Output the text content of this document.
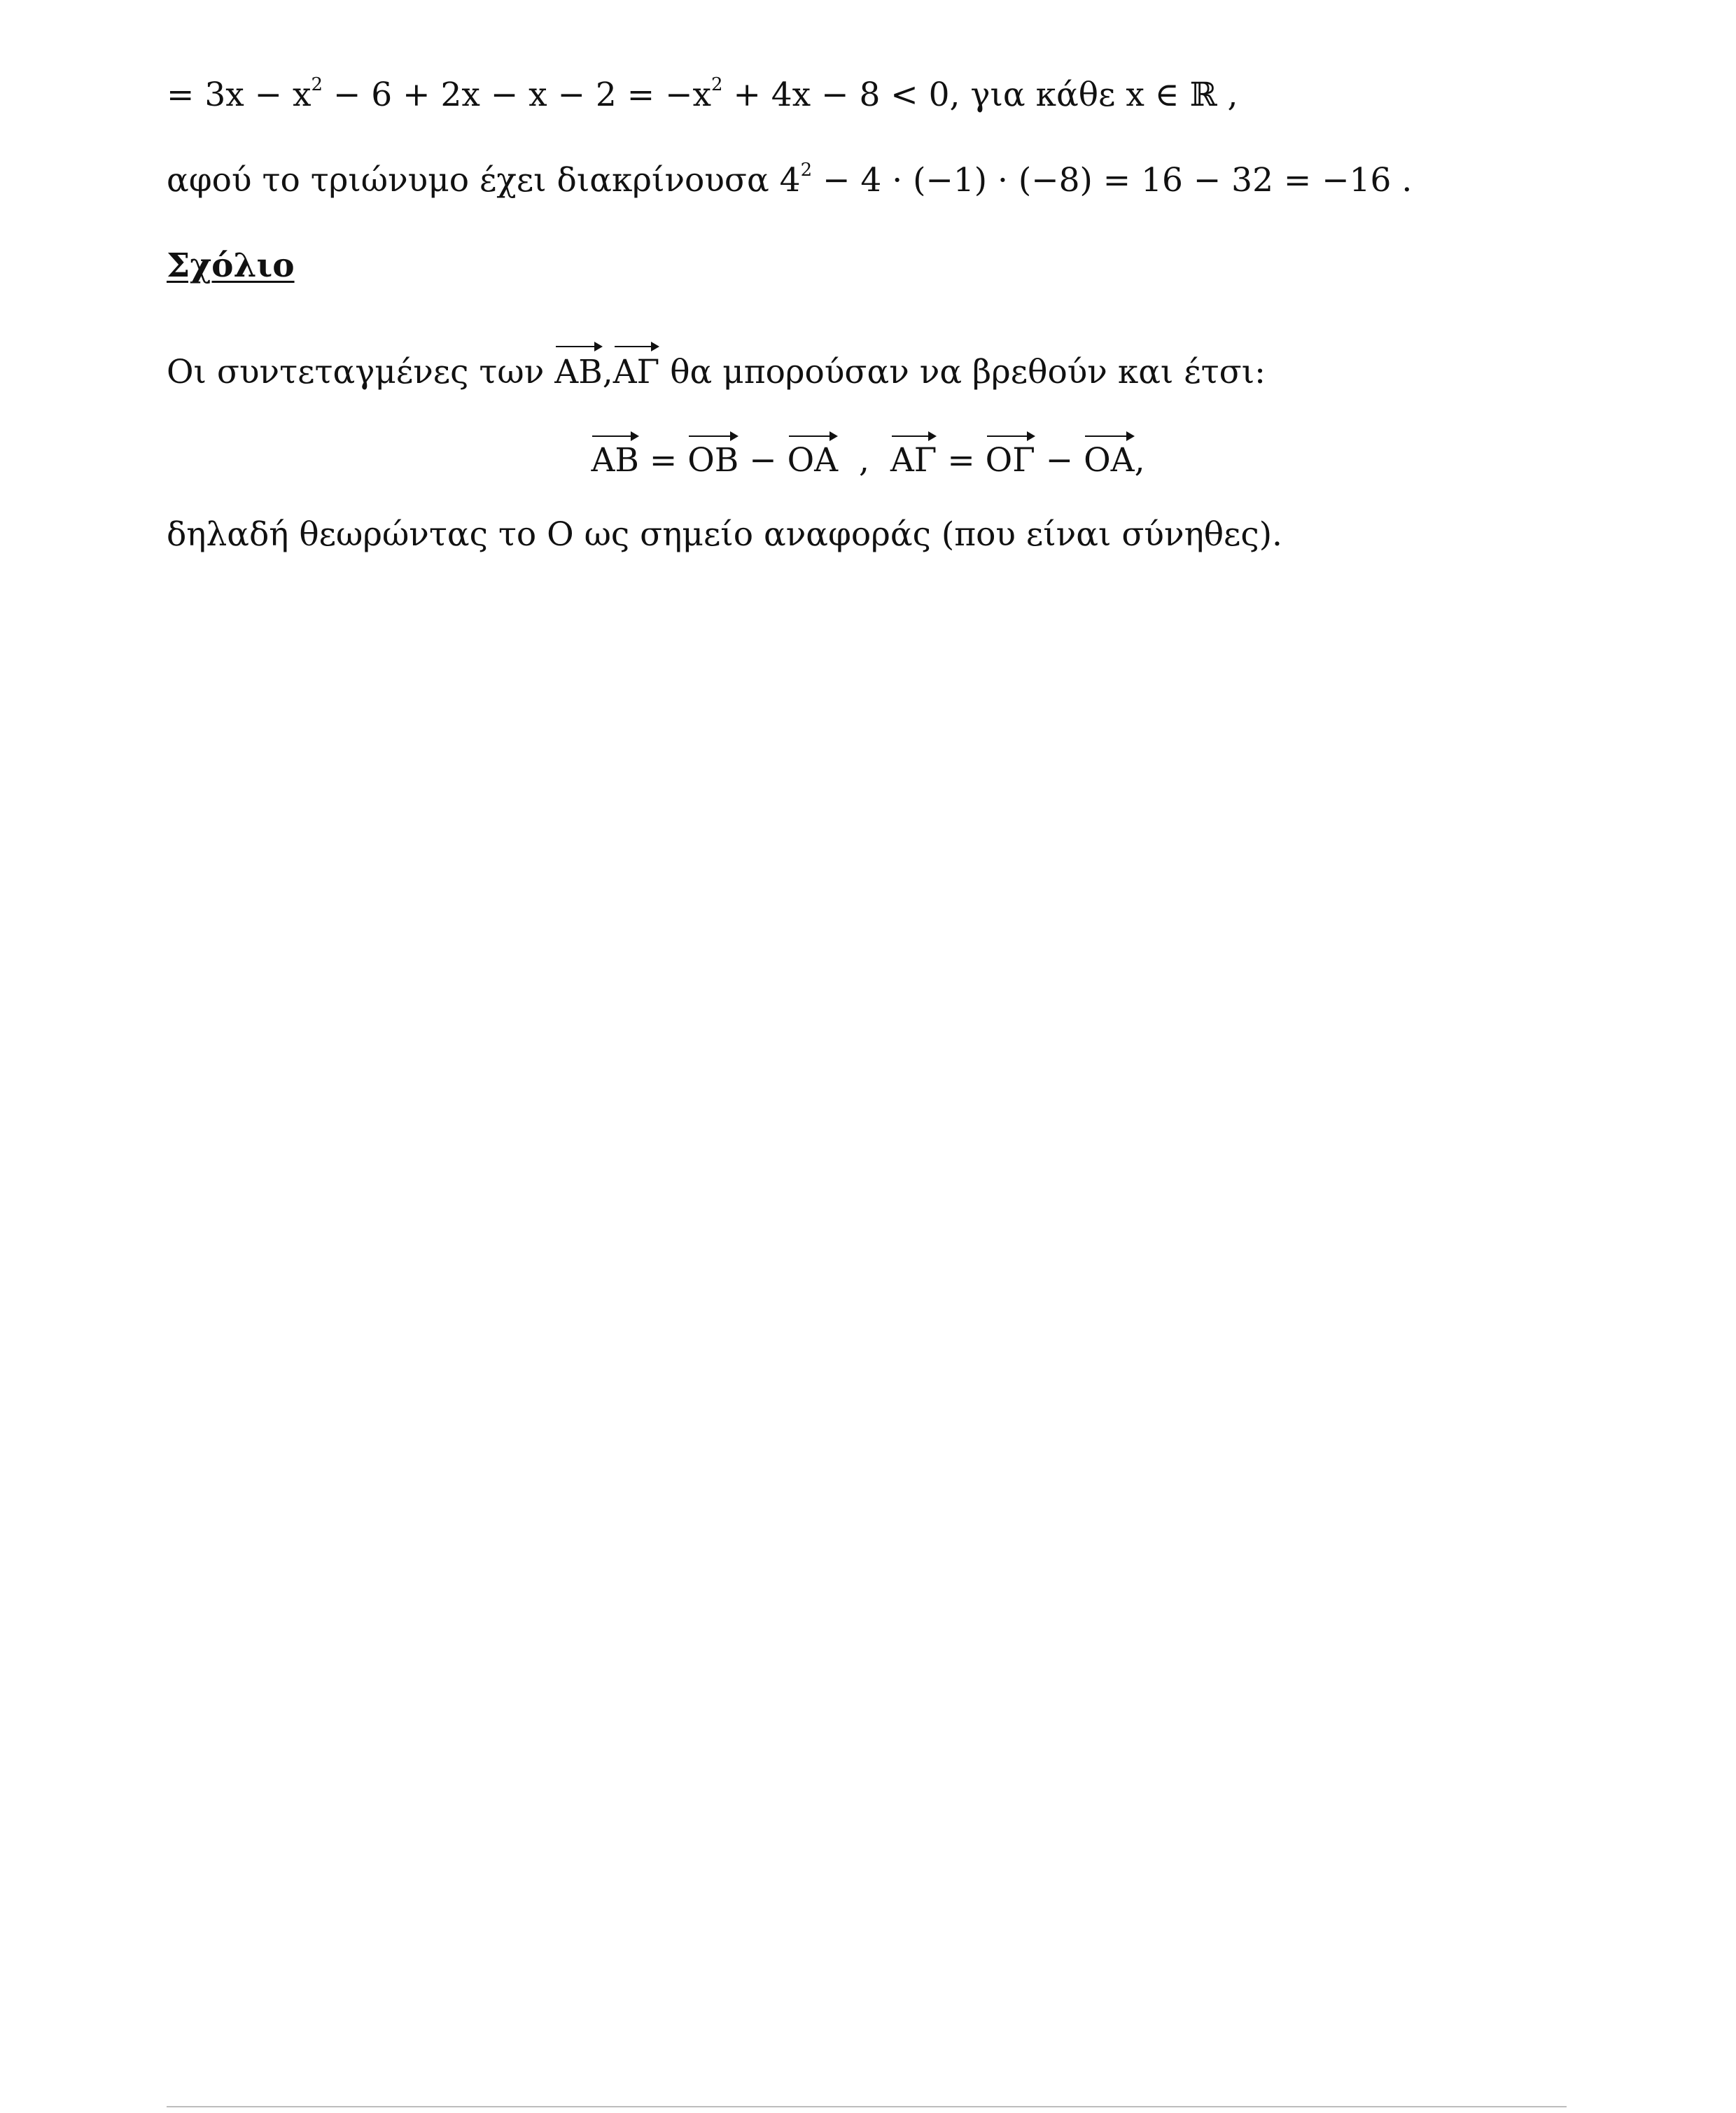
= $3x - x^2 - 6 + 2x - x - 2 = -x^2 + 4x - 8 < 0$, για κάθε x ∈ ℝ ,
αφού το τριώνυμο έχει διακρίνουσα $4^2 - 4 \cdot (-1) \cdot (-8) = 16 - 32 = -16$ .
Σχόλιο
Οι συντεταγμένες των AB,AΓ θα μπορούσαν να βρεθούν και έτσι:
AB = OB − OA , AΓ = OΓ − OA,
δηλαδή θεωρώντας το O ως σημείο αναφοράς (που είναι σύνηθες).
